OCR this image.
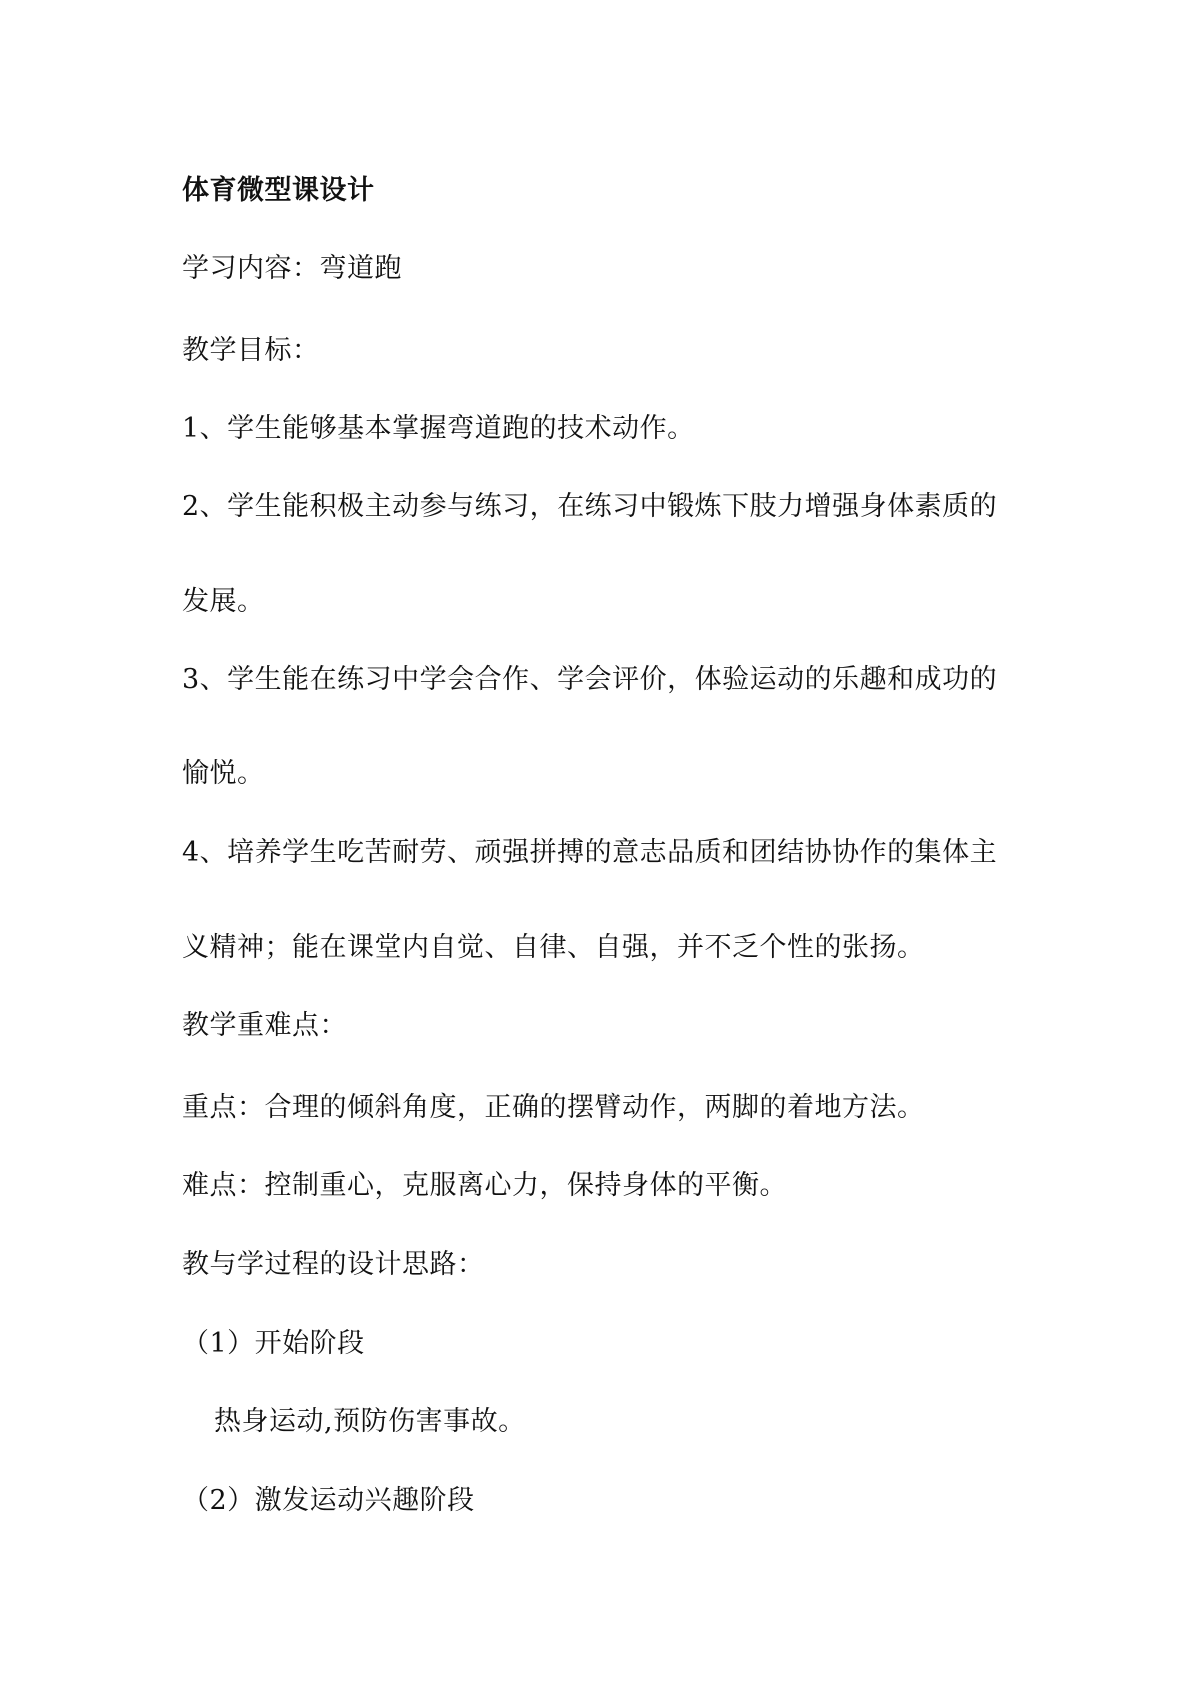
体育微型课设计
学习内容：弯道跑
教学目标：
1、学生能够基本掌握弯道跑的技术动作。
2、学生能积极主动参与练习，在练习中锻炼下肢力增强身体素质的
发展。
3、学生能在练习中学会合作、学会评价，体验运动的乐趣和成功的
愉悦。
4、培养学生吃苦耐劳、顽强拼搏的意志品质和团结协协作的集体主
义精神；能在课堂内自觉、自律、自强，并不乏个性的张扬。
教学重难点：
重点：合理的倾斜角度，正确的摆臂动作，两脚的着地方法。
难点：控制重心，克服离心力，保持身体的平衡。
教与学过程的设计思路：
（1）开始阶段
热身运动,预防伤害事故。
（2）激发运动兴趣阶段
